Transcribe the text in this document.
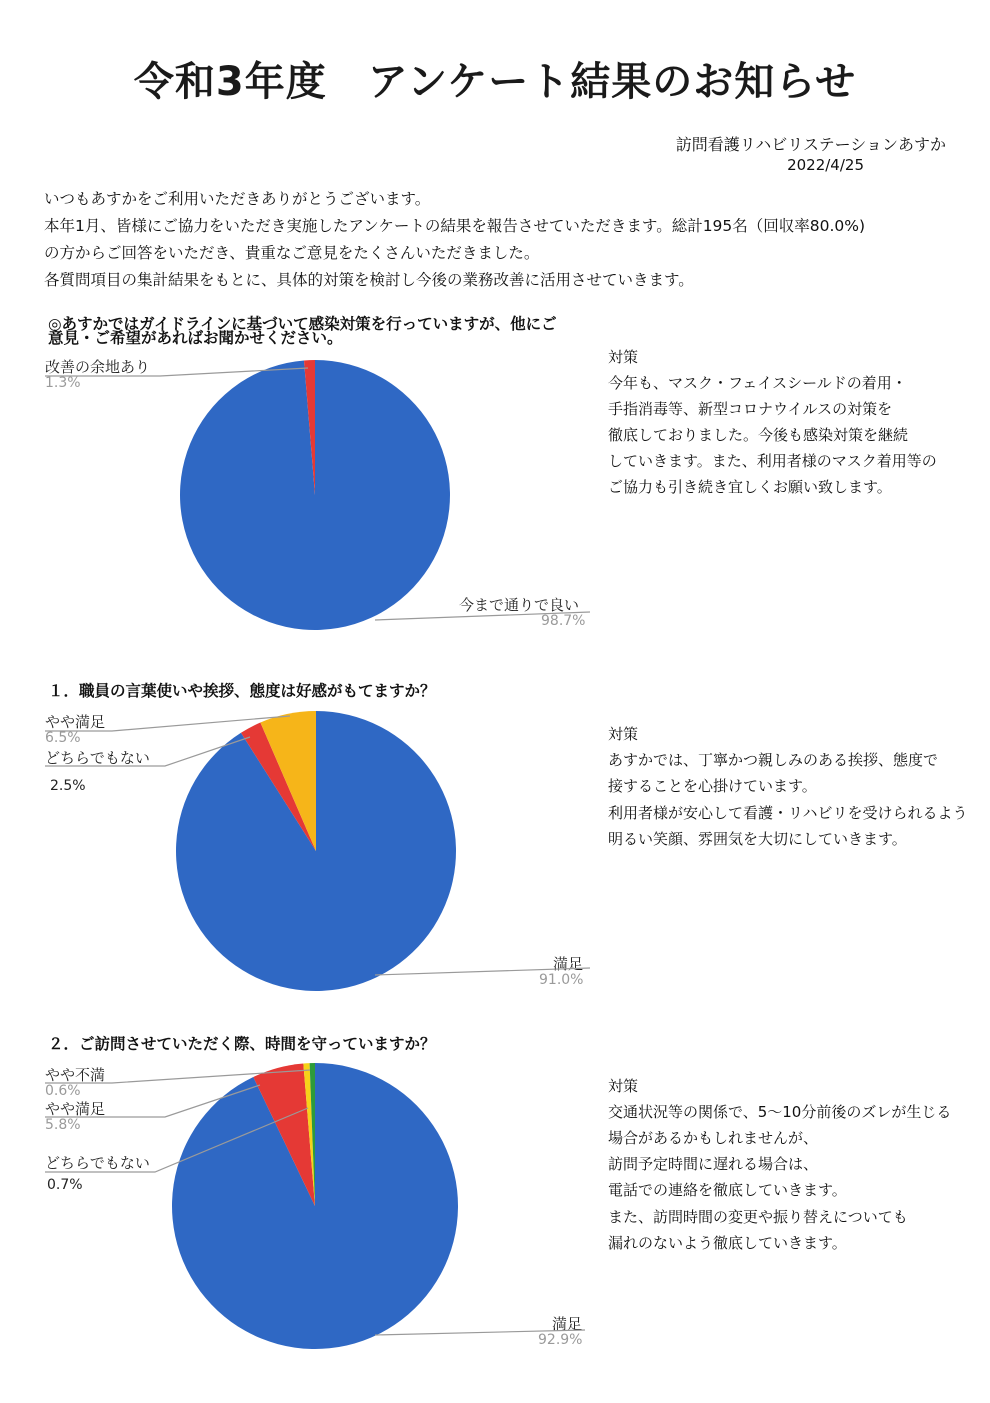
令和3年度　アンケート結果のお知らせ
訪問看護リハビリステーションあすか
2022/4/25
いつもあすかをご利用いただきありがとうございます。
本年1月、皆様にご協力をいただき実施したアンケートの結果を報告させていただきます。総計195名（回収率80.0%)
の方からご回答をいただき、貴重なご意見をたくさんいただきました。
各質問項目の集計結果をもとに、具体的対策を検討し今後の業務改善に活用させていきます。
◎あすかではガイドラインに基づいて感染対策を行っていますが、他にご
意見・ご希望があればお聞かせください。
対策
今年も、マスク・フェイスシールドの着用・
手指消毒等、新型コロナウイルスの対策を
徹底しておりました。今後も感染対策を継続
していきます。また、利用者様のマスク着用等の
ご協力も引き続き宜しくお願い致します。
１．職員の言葉使いや挨拶、態度は好感がもてますか？
対策
あすかでは、丁寧かつ親しみのある挨拶、態度で
接することを心掛けています。
利用者様が安心して看護・リハビリを受けられるよう
明るい笑顔、雰囲気を大切にしていきます。
２．ご訪問させていただく際、時間を守っていますか？
対策
交通状況等の関係で、5～10分前後のズレが生じる
場合があるかもしれませんが、
訪問予定時間に遅れる場合は、
電話での連絡を徹底していきます。
また、訪問時間の変更や振り替えについても
漏れのないよう徹底していきます。
改善の余地あり
1.3%
今まで通りで良い
98.7%
やや満足
6.5%
どちらでもない
2.5%
満足
91.0%
やや不満
0.6%
やや満足
5.8%
どちらでもない
0.7%
満足
92.9%
